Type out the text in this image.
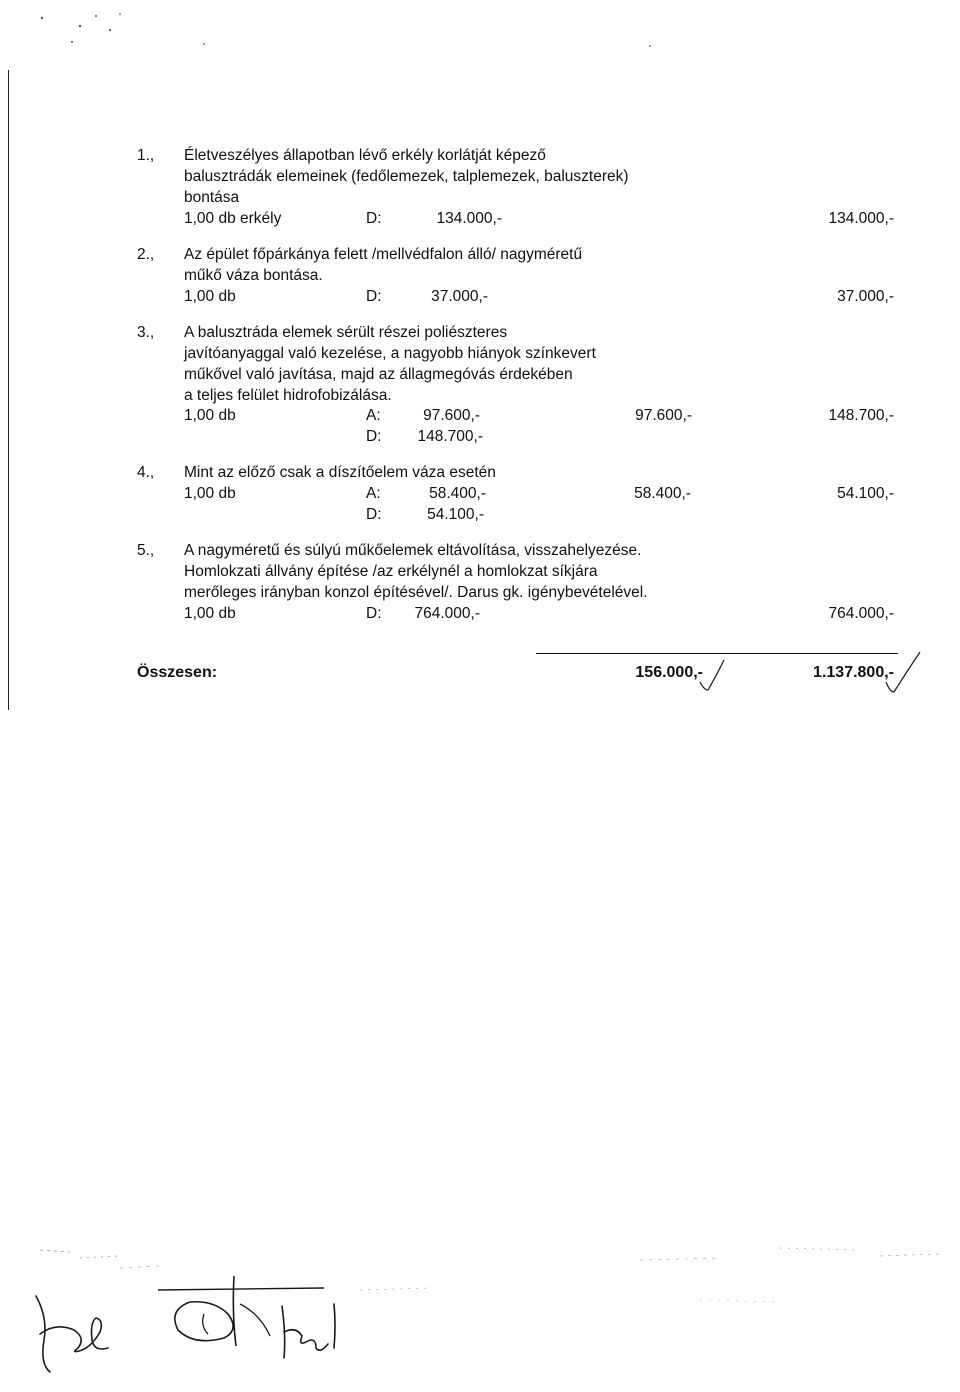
1., Életveszélyes állapotban lévő erkély korlátját képező
balusztrádák elemeinek (fedőlemezek, talplemezek, baluszterek)
bontása
1,00 db erkély	D:	134.000,-	134.000,-
2., Az épület főpárkánya felett /mellvédfalon álló/ nagyméretű
műkő váza bontása.
1,00 db	D:	37.000,-	37.000,-
3., A balusztráda elemek sérült részei poliészteres
javítóanyaggal való kezelése, a nagyobb hiányok színkevert
műkővel való javítása, majd az állagmegóvás érdekében
a teljes felület hidrofobizálása.
1,00 db	A:	97.600,-	97.600,-	148.700,-
D:	148.700,-
4., Mint az előző csak a díszítőelem váza esetén
1,00 db	A:	58.400,-	58.400,-	54.100,-
D:	54.100,-
5., A nagyméretű és súlyú műkőelemek eltávolítása, visszahelyezése.
Homlokzati állvány építése /az erkélynél a homlokzat síkjára
merőleges irányban konzol építésével/. Darus gk. igénybevételével.
1,00 db	D:	764.000,-	764.000,-
Összesen:	156.000,-	1.137.800,-
